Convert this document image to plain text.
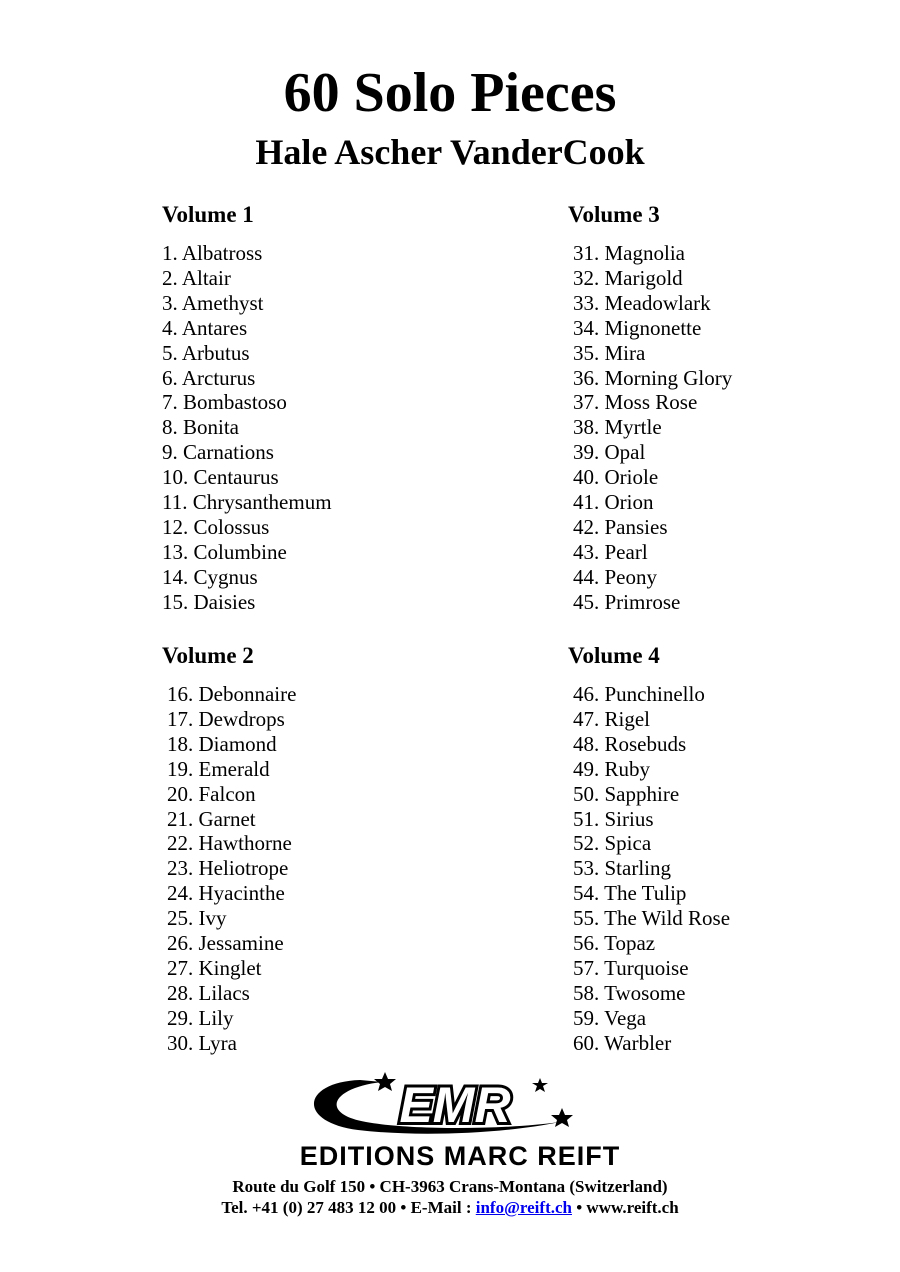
60 Solo Pieces
Hale Ascher VanderCook
Volume 1
1. Albatross
2. Altair
3. Amethyst
4. Antares
5. Arbutus
6. Arcturus
7. Bombastoso
8. Bonita
9. Carnations
10. Centaurus
11. Chrysanthemum
12. Colossus
13. Columbine
14. Cygnus
15. Daisies
Volume 3
31. Magnolia
32. Marigold
33. Meadowlark
34. Mignonette
35. Mira
36. Morning Glory
37. Moss Rose
38. Myrtle
39. Opal
40. Oriole
41. Orion
42. Pansies
43. Pearl
44. Peony
45. Primrose
Volume 2
16. Debonnaire
17. Dewdrops
18. Diamond
19. Emerald
20. Falcon
21. Garnet
22. Hawthorne
23. Heliotrope
24. Hyacinthe
25. Ivy
26. Jessamine
27. Kinglet
28. Lilacs
29. Lily
30. Lyra
Volume 4
46. Punchinello
47. Rigel
48. Rosebuds
49. Ruby
50. Sapphire
51. Sirius
52. Spica
53. Starling
54. The Tulip
55. The Wild Rose
56. Topaz
57. Turquoise
58. Twosome
59. Vega
60. Warbler
EMR
EDITIONS MARC REIFT
Route du Golf 150 • CH-3963 Crans-Montana (Switzerland)
Tel. +41 (0) 27 483 12 00 • E-Mail : info@reift.ch • www.reift.ch
